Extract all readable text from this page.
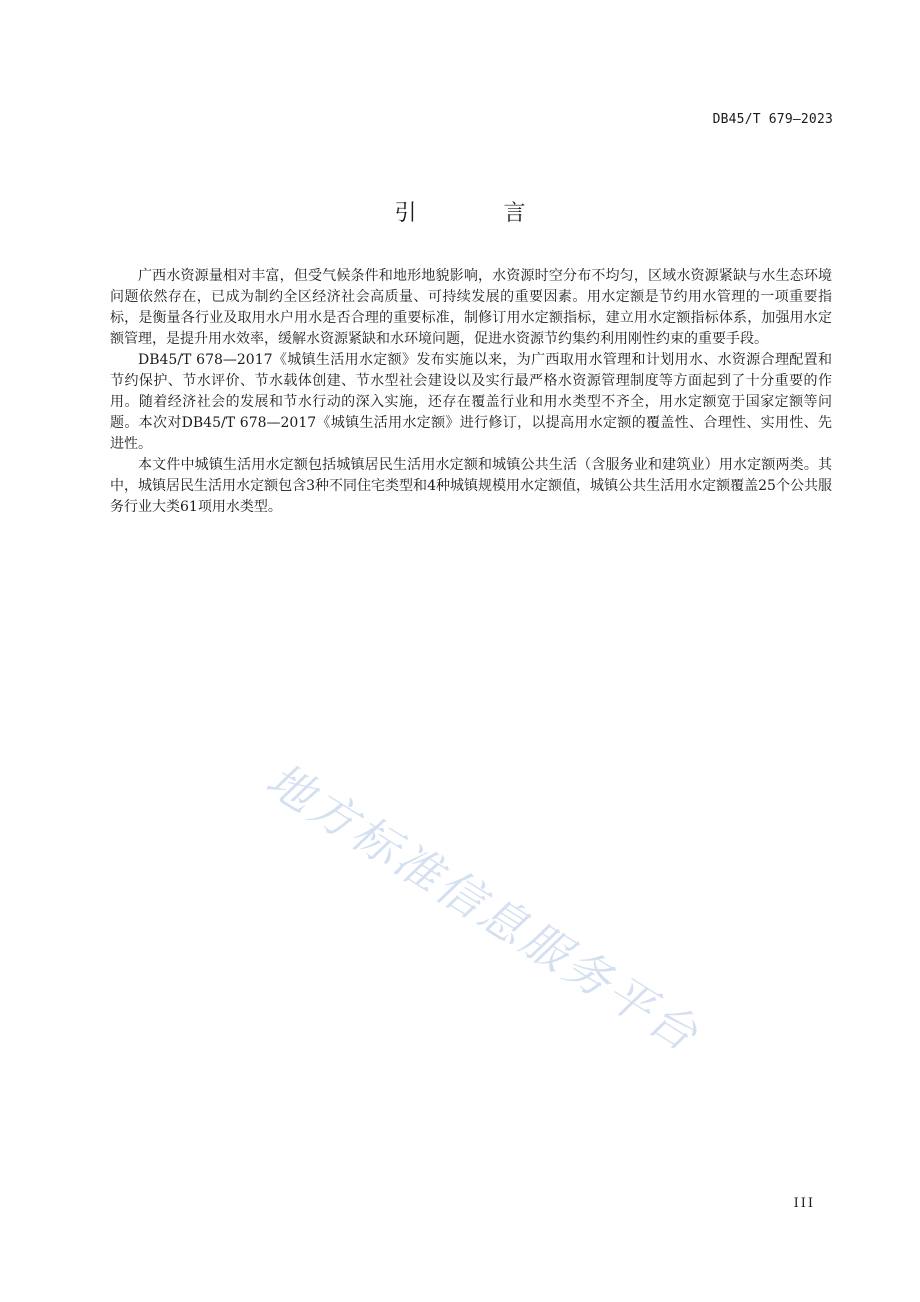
DB45/T 679—2023
引 言

广西水资源量相对丰富，但受气候条件和地形地貌影响，水资源时空分布不均匀，区域水资源紧缺与水生态环境问题依然存在，已成为制约全区经济社会高质量、可持续发展的重要因素。用水定额是节约用水管理的一项重要指标，是衡量各行业及取用水户用水是否合理的重要标准，制修订用水定额指标，建立用水定额指标体系，加强用水定额管理，是提升用水效率，缓解水资源紧缺和水环境问题，促进水资源节约集约利用刚性约束的重要手段。

DB45/T 678—2017《城镇生活用水定额》发布实施以来，为广西取用水管理和计划用水、水资源合理配置和节约保护、节水评价、节水载体创建、节水型社会建设以及实行最严格水资源管理制度等方面起到了十分重要的作用。随着经济社会的发展和节水行动的深入实施，还存在覆盖行业和用水类型不齐全，用水定额宽于国家定额等问题。本次对DB45/T 678—2017《城镇生活用水定额》进行修订，以提高用水定额的覆盖性、合理性、实用性、先进性。

本文件中城镇生活用水定额包括城镇居民生活用水定额和城镇公共生活（含服务业和建筑业）用水定额两类。其中，城镇居民生活用水定额包含3种不同住宅类型和4种城镇规模用水定额值，城镇公共生活用水定额覆盖25个公共服务行业大类61项用水类型。

地方标准信息服务平台
III
